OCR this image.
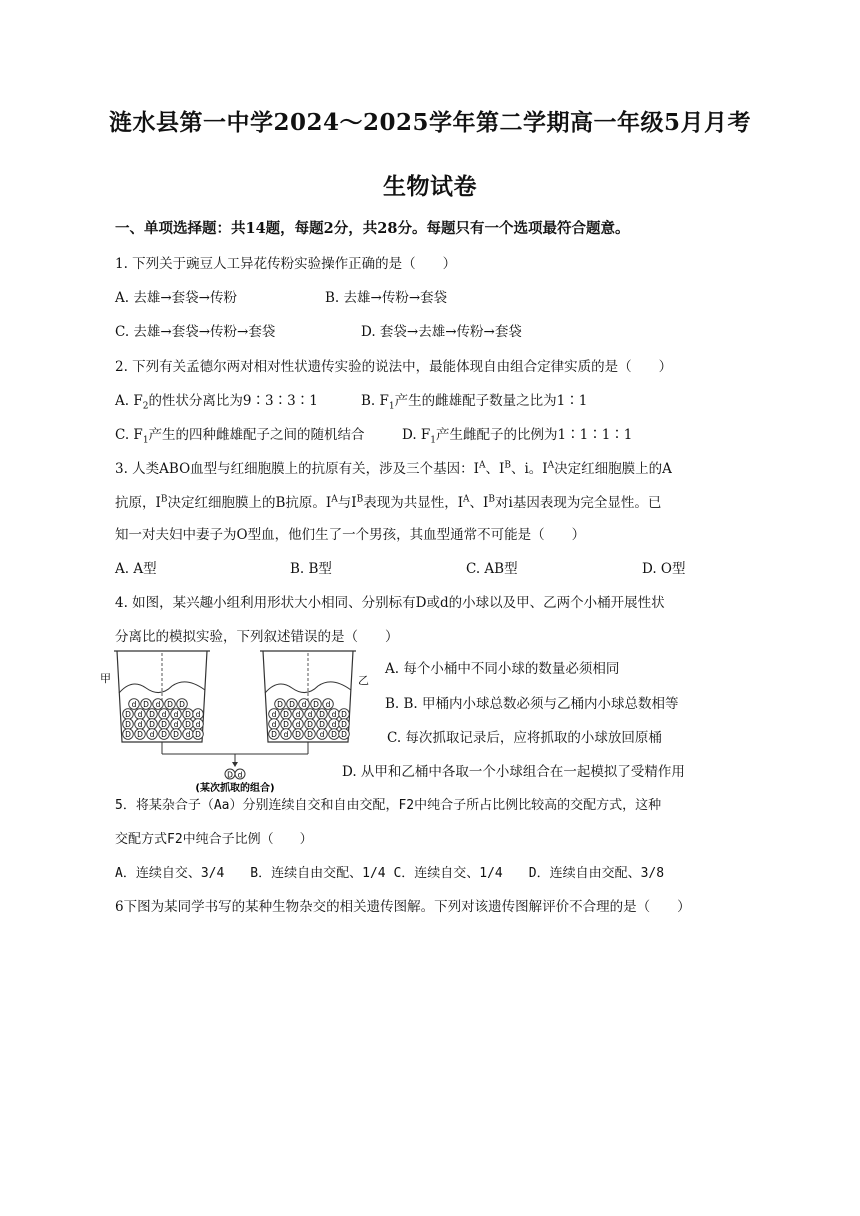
涟水县第一中学2024～2025学年第二学期高一年级5月月考
生物试卷
一、单项选择题：共14题，每题2分，共28分。每题只有一个选项最符合题意。
1. 下列关于豌豆人工异花传粉实验操作正确的是（　　）
A. 去雄→套袋→传粉	B. 去雄→传粉→套袋
C. 去雄→套袋→传粉→套袋	D. 套袋→去雄→传粉→套袋
2. 下列有关孟德尔两对相对性状遗传实验的说法中，最能体现自由组合定律实质的是（　　）
A. $F_2$的性状分离比为9∶3∶3∶1	B. $F_1$产生的雌雄配子数量之比为1∶1
C. $F_1$产生的四种雌雄配子之间的随机结合	D. $F_1$产生雌配子的比例为1∶1∶1∶1
3. 人类ABO血型与红细胞膜上的抗原有关，涉及三个基因：$I^A$、$I^B$、i。$I^A$决定红细胞膜上的A
抗原，$I^B$决定红细胞膜上的B抗原。$I^A$与$I^B$表现为共显性，$I^A$、$I^B$对i基因表现为完全显性。已
知一对夫妇中妻子为O型血，他们生了一个男孩，其血型通常不可能是（　　）
A. A型	B. B型	C. AB型	D. O型
4. 如图，某兴趣小组利用形状大小相同、分别标有D或d的小球以及甲、乙两个小桶开展性状
分离比的模拟实验，下列叙述错误的是（　　）
甲
d D d D D
D d D d d D d
D d D D d D d
D D d D D d D
D D d D d
d D d d D d D
d D d D D d D
D d D D d D D
D d
(某次抓取的组合)
乙
A. 每个小桶中不同小球的数量必须相同
B. B. 甲桶内小球总数必须与乙桶内小球总数相等
C. 每次抓取记录后，应将抓取的小球放回原桶
D. 从甲和乙桶中各取一个小球组合在一起模拟了受精作用
5．将某杂合子（Aa）分别连续自交和自由交配，F2中纯合子所占比例比较高的交配方式，这种
交配方式F2中纯合子比例（　　）
A．连续自交、3/4　　B．连续自由交配、1/4 C．连续自交、1/4　　D．连续自由交配、3/8
6下图为某同学书写的某种生物杂交的相关遗传图解。下列对该遗传图解评价不合理的是（　　）
